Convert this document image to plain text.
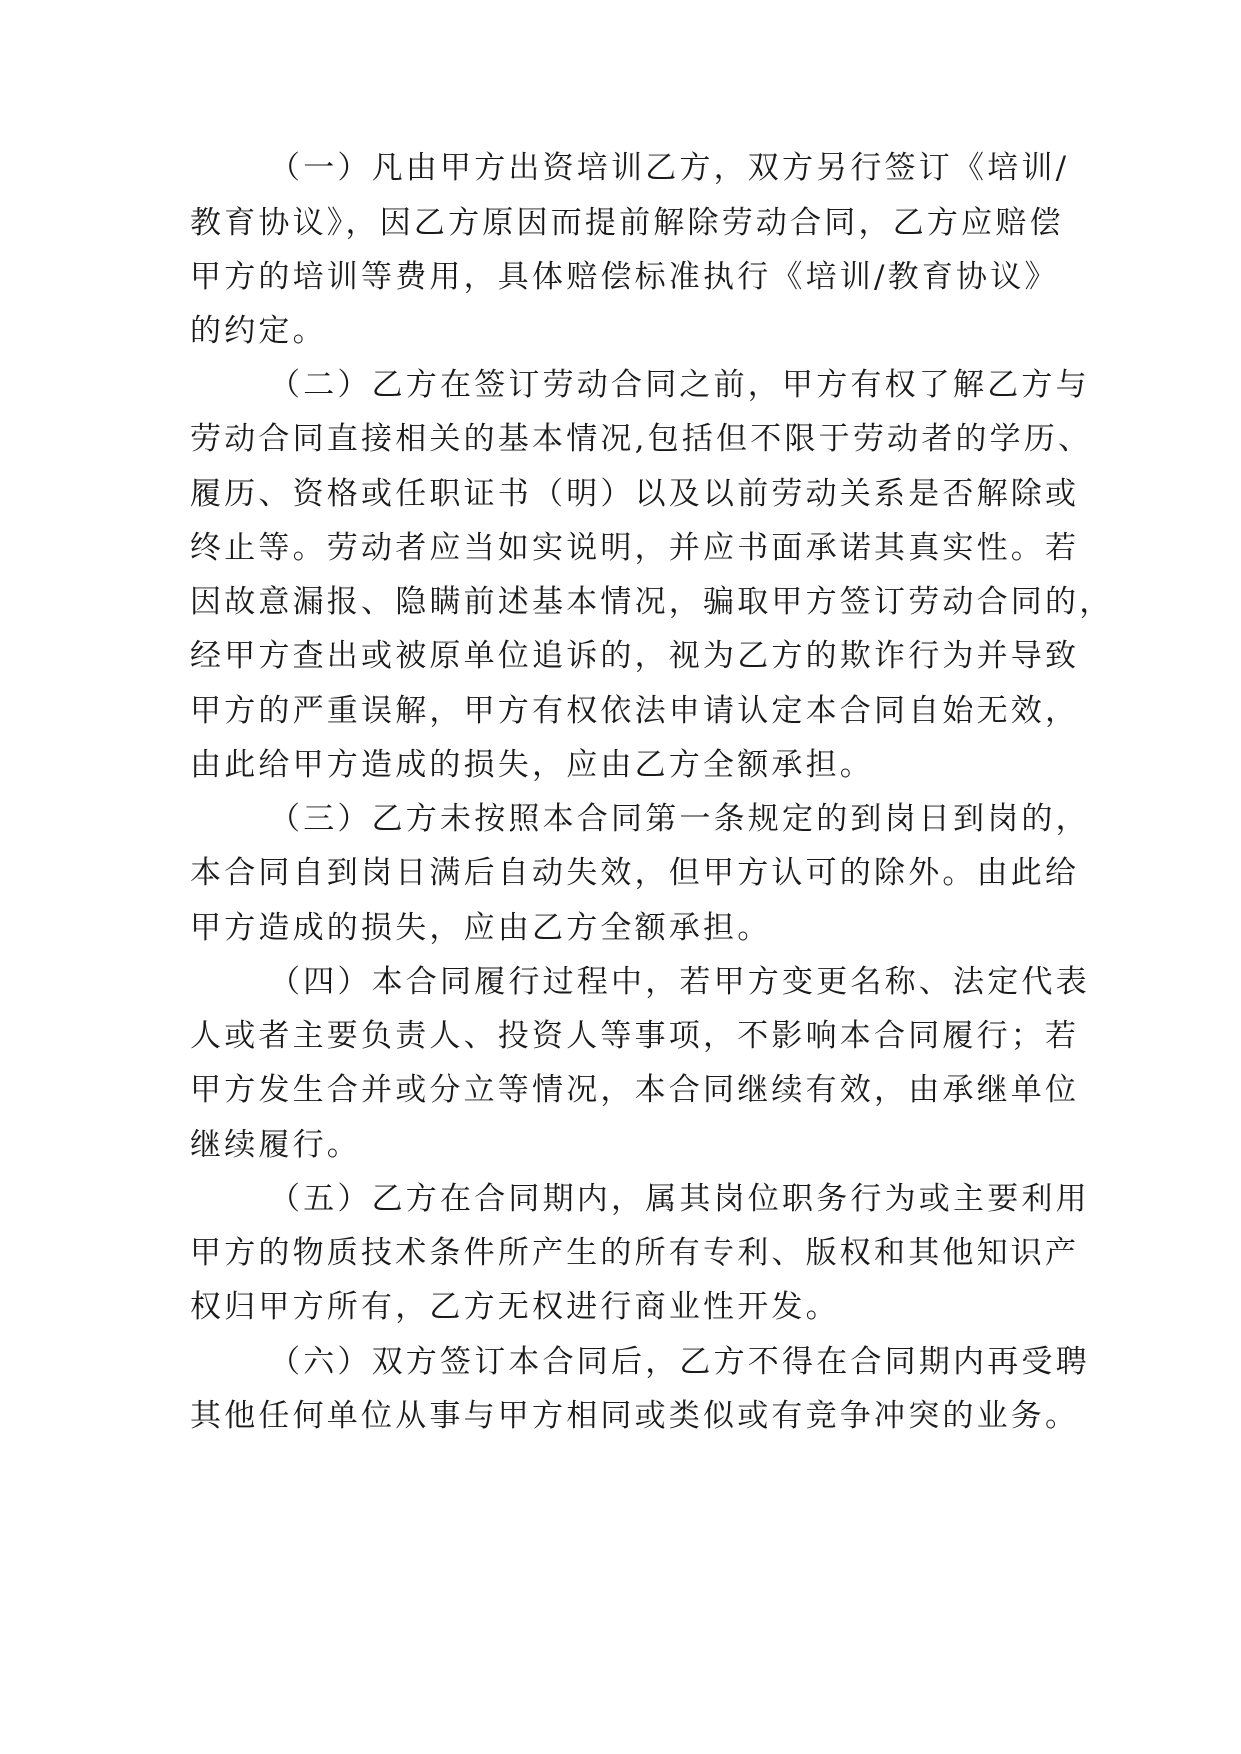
（一）凡由甲方出资培训乙方，双方另行签订《培训/
教育协议》，因乙方原因而提前解除劳动合同，乙方应赔偿
甲方的培训等费用，具体赔偿标准执行《培训/教育协议》
的约定。
（二）乙方在签订劳动合同之前，甲方有权了解乙方与
劳动合同直接相关的基本情况,包括但不限于劳动者的学历、
履历、资格或任职证书（明）以及以前劳动关系是否解除或
终止等。劳动者应当如实说明，并应书面承诺其真实性。若
因故意漏报、隐瞒前述基本情况，骗取甲方签订劳动合同的，
经甲方查出或被原单位追诉的，视为乙方的欺诈行为并导致
甲方的严重误解，甲方有权依法申请认定本合同自始无效，
由此给甲方造成的损失，应由乙方全额承担。
（三）乙方未按照本合同第一条规定的到岗日到岗的，
本合同自到岗日满后自动失效，但甲方认可的除外。由此给
甲方造成的损失，应由乙方全额承担。
（四）本合同履行过程中，若甲方变更名称、法定代表
人或者主要负责人、投资人等事项，不影响本合同履行；若
甲方发生合并或分立等情况，本合同继续有效，由承继单位
继续履行。
（五）乙方在合同期内，属其岗位职务行为或主要利用
甲方的物质技术条件所产生的所有专利、版权和其他知识产
权归甲方所有，乙方无权进行商业性开发。
（六）双方签订本合同后，乙方不得在合同期内再受聘
其他任何单位从事与甲方相同或类似或有竞争冲突的业务。
